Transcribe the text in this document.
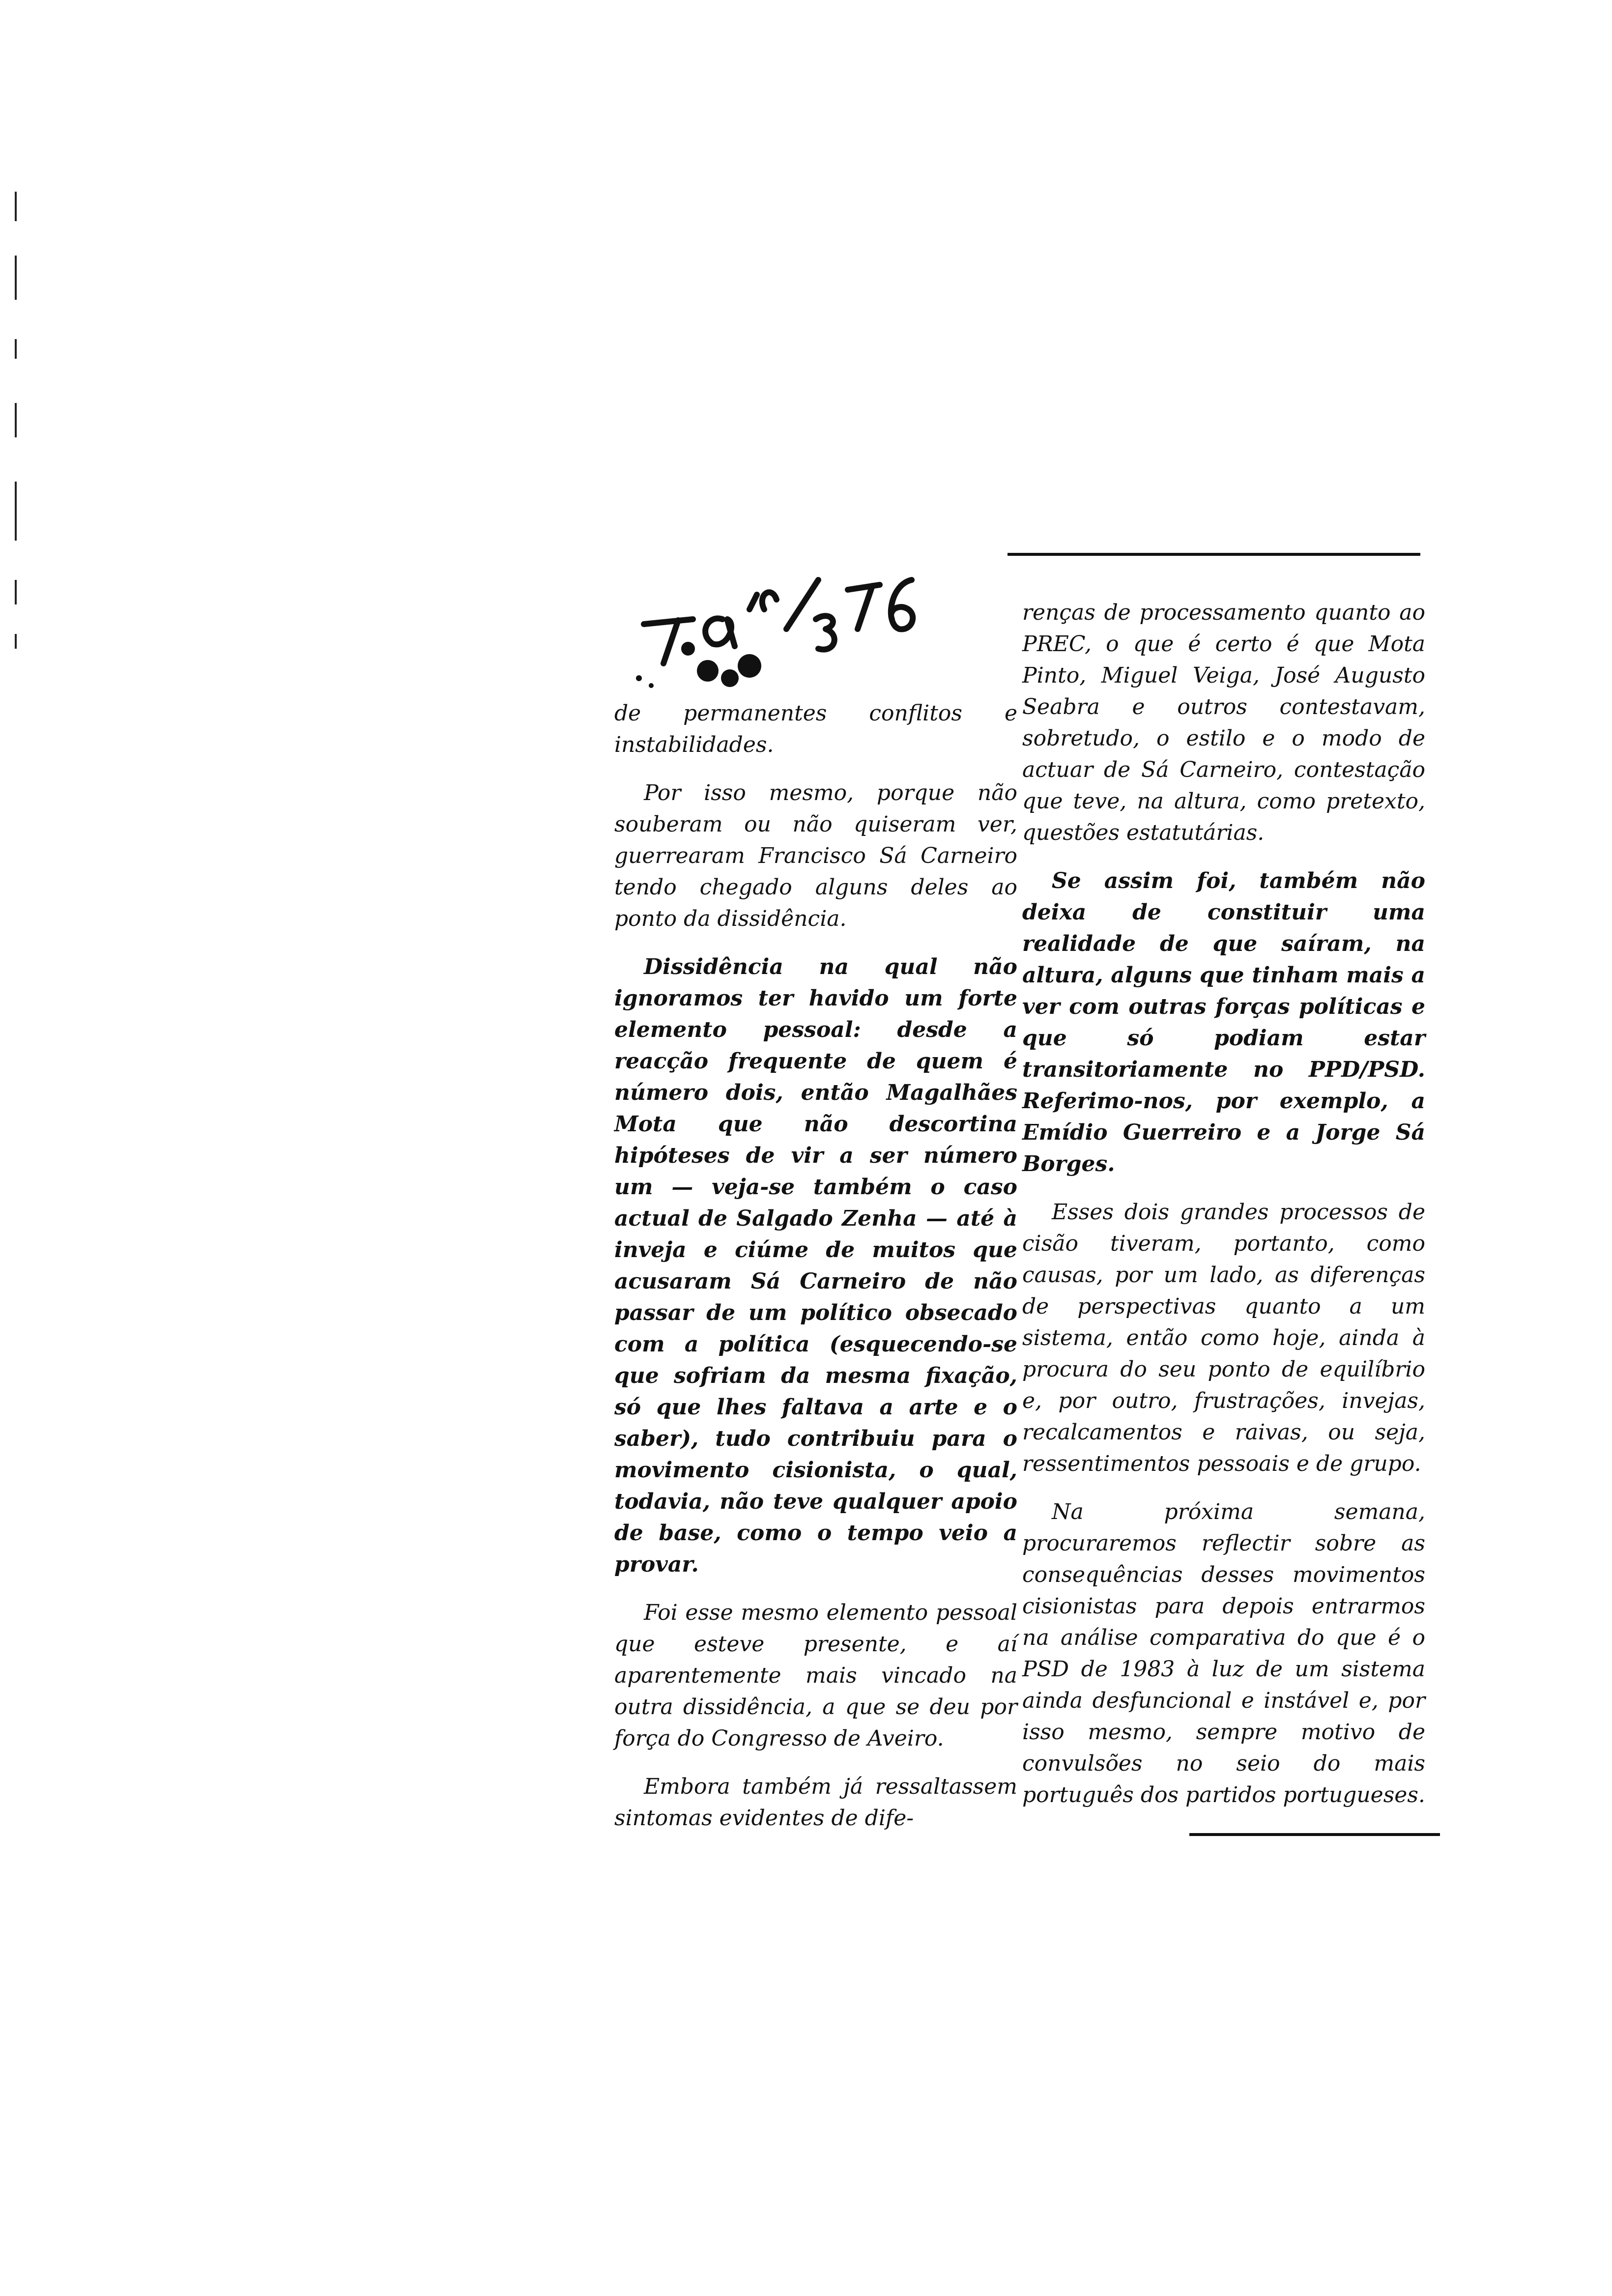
de permanentes conflitos e instabilidades.

Por isso mesmo, porque não souberam ou não quiseram ver, guerrearam Francisco Sá Carneiro tendo chegado alguns deles ao ponto da dissidência.

Dissidência na qual não ignoramos ter havido um forte elemento pessoal: desde a reacção frequente de quem é número dois, então Magalhães Mota que não descortina hipóteses de vir a ser número um — veja-se também o caso actual de Salgado Zenha — até à inveja e ciúme de muitos que acusaram Sá Carneiro de não passar de um político obsecado com a política (esquecendo-se que sofriam da mesma fixação, só que lhes faltava a arte e o saber), tudo contribuiu para o movimento cisionista, o qual, todavia, não teve qualquer apoio de base, como o tempo veio a provar.

Foi esse mesmo elemento pessoal que esteve presente, e aí aparentemente mais vincado na outra dissidência, a que se deu por força do Congresso de Aveiro.

Embora também já ressaltassem sintomas evidentes de dife-

renças de processamento quanto ao PREC, o que é certo é que Mota Pinto, Miguel Veiga, José Augusto Seabra e outros contestavam, sobretudo, o estilo e o modo de actuar de Sá Carneiro, contestação que teve, na altura, como pretexto, questões estatutárias.

Se assim foi, também não deixa de constituir uma realidade de que saíram, na altura, alguns que tinham mais a ver com outras forças políticas e que só podiam estar transitoriamente no PPD/PSD. Referimo-nos, por exemplo, a Emídio Guerreiro e a Jorge Sá Borges.

Esses dois grandes processos de cisão tiveram, portanto, como causas, por um lado, as diferenças de perspectivas quanto a um sistema, então como hoje, ainda à procura do seu ponto de equilíbrio e, por outro, frustrações, invejas, recalcamentos e raivas, ou seja, ressentimentos pessoais e de grupo.

Na próxima semana, procuraremos reflectir sobre as consequências desses movimentos cisionistas para depois entrarmos na análise comparativa do que é o PSD de 1983 à luz de um sistema ainda desfuncional e instável e, por isso mesmo, sempre motivo de convulsões no seio do mais português dos partidos portugueses.
